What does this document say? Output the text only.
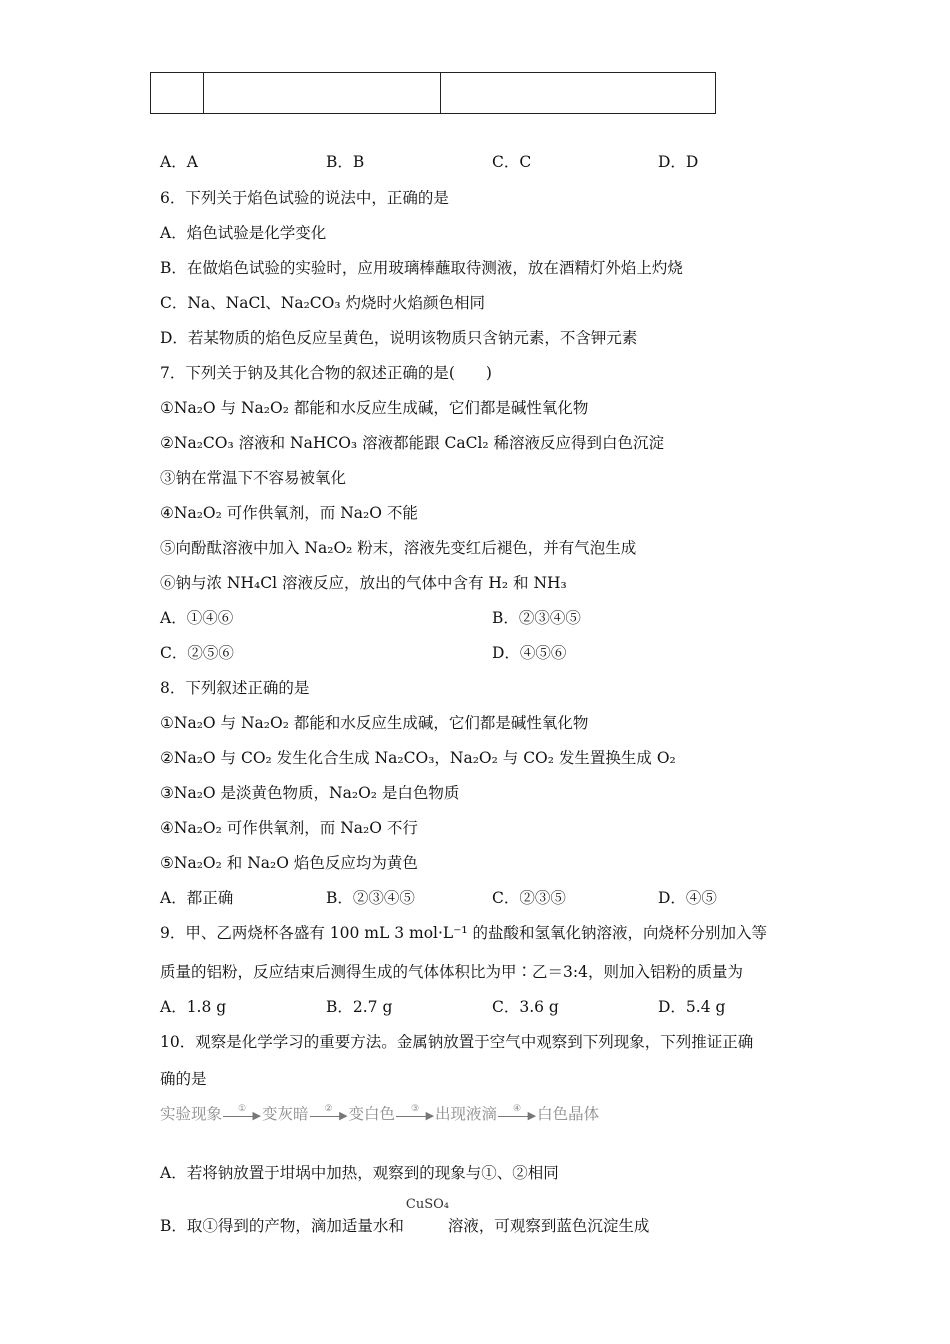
A．A	B．B	C．C	D．D
6．下列关于焰色试验的说法中，正确的是
A．焰色试验是化学变化
B．在做焰色试验的实验时，应用玻璃棒蘸取待测液，放在酒精灯外焰上灼烧
C．Na、NaCl、Na₂CO₃ 灼烧时火焰颜色相同
D．若某物质的焰色反应呈黄色，说明该物质只含钠元素，不含钾元素
7．下列关于钠及其化合物的叙述正确的是(　　)
①Na₂O 与 Na₂O₂ 都能和水反应生成碱，它们都是碱性氧化物
②Na₂CO₃ 溶液和 NaHCO₃ 溶液都能跟 CaCl₂ 稀溶液反应得到白色沉淀
③钠在常温下不容易被氧化
④Na₂O₂ 可作供氧剂，而 Na₂O 不能
⑤向酚酞溶液中加入 Na₂O₂ 粉末，溶液先变红后褪色，并有气泡生成
⑥钠与浓 NH₄Cl 溶液反应，放出的气体中含有 H₂ 和 NH₃
A．①④⑥	B．②③④⑤
C．②⑤⑥	D．④⑤⑥
8．下列叙述正确的是
①Na₂O 与 Na₂O₂ 都能和水反应生成碱，它们都是碱性氧化物
②Na₂O 与 CO₂ 发生化合生成 Na₂CO₃，Na₂O₂ 与 CO₂ 发生置换生成 O₂
③Na₂O 是淡黄色物质，Na₂O₂ 是白色物质
④Na₂O₂ 可作供氧剂，而 Na₂O 不行
⑤Na₂O₂ 和 Na₂O 焰色反应均为黄色
A．都正确	B．②③④⑤	C．②③⑤	D．④⑤
9．甲、乙两烧杯各盛有 100 mL 3 mol·L⁻¹ 的盐酸和氢氧化钠溶液，向烧杯分别加入等
质量的铝粉，反应结束后测得生成的气体体积比为甲∶乙＝3:4，则加入铝粉的质量为
A．1.8 g	B．2.7 g	C．3.6 g	D．5.4 g
10．观察是化学学习的重要方法。金属钠放置于空气中观察到下列现象，下列推证正确
确的是
实验现象	① ▶ 变灰暗	② ▶ 变白色	③ ▶ 出现液滴	④ ▶ 白色晶体
A．若将钠放置于坩埚中加热，观察到的现象与①、②相同
B．取①得到的产物，滴加适量水和
CuSO₄
溶液，可观察到蓝色沉淀生成
